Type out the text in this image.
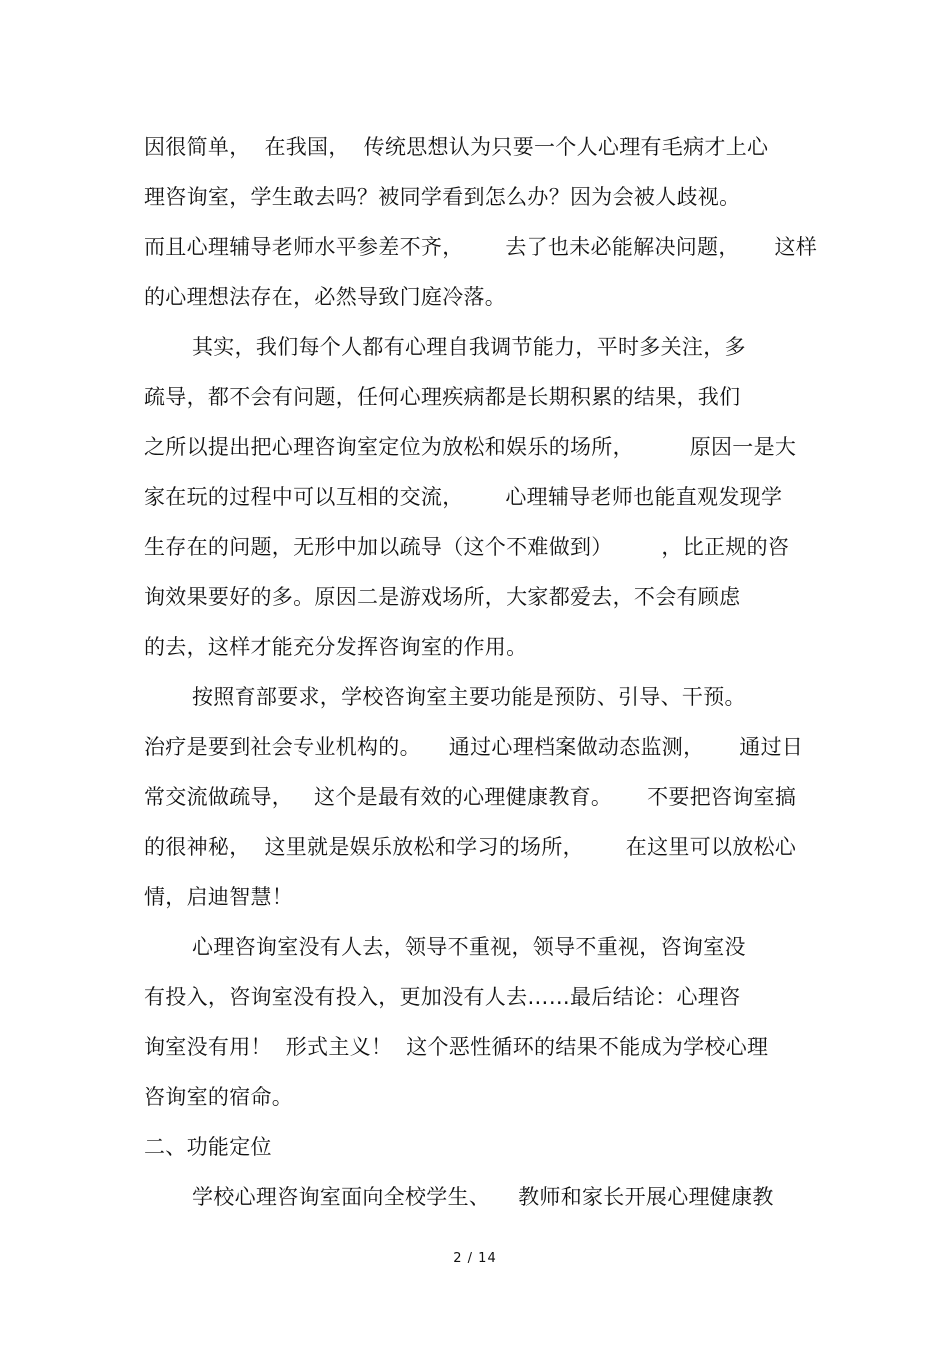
因很简单，  在我国，  传统思想认为只要一个人心理有毛病才上心
理咨询室，学生敢去吗？被同学看到怎么办？因为会被人歧视。
而且心理辅导老师水平参差不齐，      去了也未必能解决问题，     这样
的心理想法存在，必然导致门庭冷落。
其实，我们每个人都有心理自我调节能力，平时多关注，多
疏导，都不会有问题，任何心理疾病都是长期积累的结果，我们
之所以提出把心理咨询室定位为放松和娱乐的场所，        原因一是大
家在玩的过程中可以互相的交流，      心理辅导老师也能直观发现学
生存在的问题，无形中加以疏导（这个不难做到）       ，比正规的咨
询效果要好的多。原因二是游戏场所，大家都爱去，不会有顾虑
的去，这样才能充分发挥咨询室的作用。
按照育部要求，学校咨询室主要功能是预防、引导、干预。
治疗是要到社会专业机构的。    通过心理档案做动态监测，     通过日
常交流做疏导，   这个是最有效的心理健康教育。     不要把咨询室搞
的很神秘，  这里就是娱乐放松和学习的场所，      在这里可以放松心
情，启迪智慧！
心理咨询室没有人去，领导不重视，领导不重视，咨询室没
有投入，咨询室没有投入，更加没有人去……最后结论：心理咨
询室没有用！  形式主义！  这个恶性循环的结果不能成为学校心理
咨询室的宿命。
二、功能定位
学校心理咨询室面向全校学生、    教师和家长开展心理健康教
2 / 14
